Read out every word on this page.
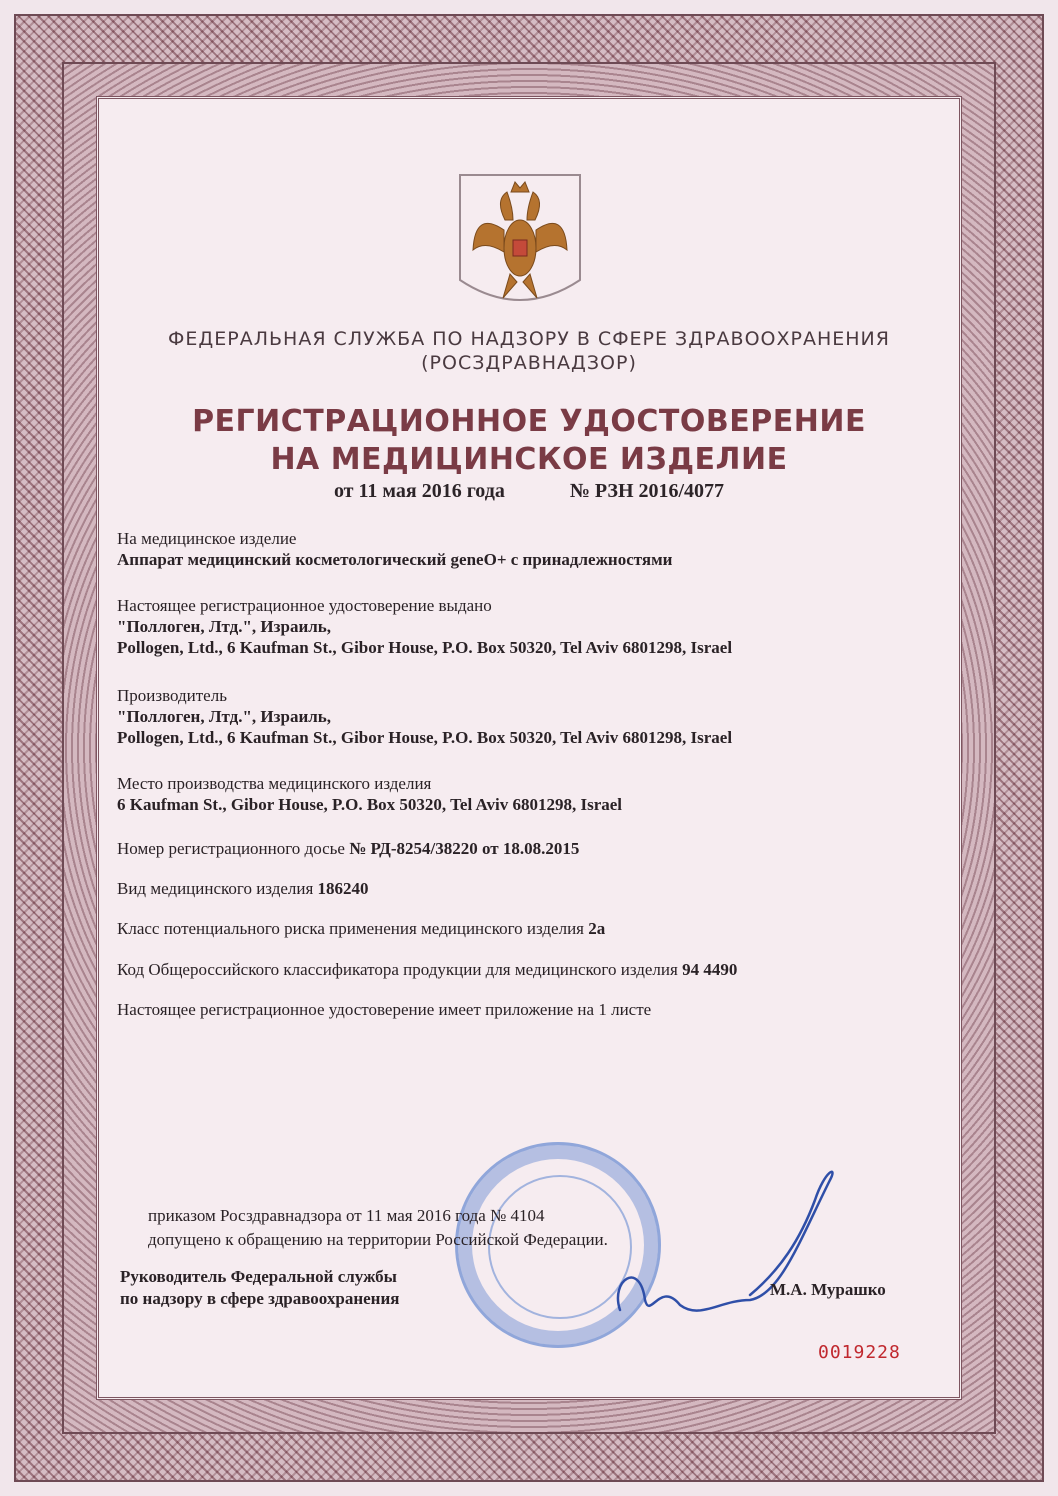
ФЕДЕРАЛЬНАЯ СЛУЖБА ПО НАДЗОРУ В СФЕРЕ ЗДРАВООХРАНЕНИЯ
(РОСЗДРАВНАДЗОР)
РЕГИСТРАЦИОННОЕ УДОСТОВЕРЕНИЕ
НА МЕДИЦИНСКОЕ ИЗДЕЛИЕ
от 11 мая 2016 года	№ РЗН 2016/4077
На медицинское изделие
Аппарат медицинский косметологический geneO+ с принадлежностями
Настоящее регистрационное удостоверение выдано
"Поллоген, Лтд.", Израиль,
Pollogen, Ltd., 6 Kaufman St., Gibor House, P.O. Box 50320, Tel Aviv 6801298, Israel
Производитель
"Поллоген, Лтд.", Израиль,
Pollogen, Ltd., 6 Kaufman St., Gibor House, P.O. Box 50320, Tel Aviv 6801298, Israel
Место производства медицинского изделия
6 Kaufman St., Gibor House, P.O. Box 50320, Tel Aviv 6801298, Israel
Номер регистрационного досье № РД-8254/38220 от 18.08.2015
Вид медицинского изделия 186240
Класс потенциального риска применения медицинского изделия 2а
Код Общероссийского классификатора продукции для медицинского изделия 94 4490
Настоящее регистрационное удостоверение имеет приложение на 1 листе
приказом Росздравнадзора от 11 мая 2016 года № 4104
допущено к обращению на территории Российской Федерации.
Руководитель Федеральной службы
по надзору в сфере здравоохранения	М.А. Мурашко
0019228
